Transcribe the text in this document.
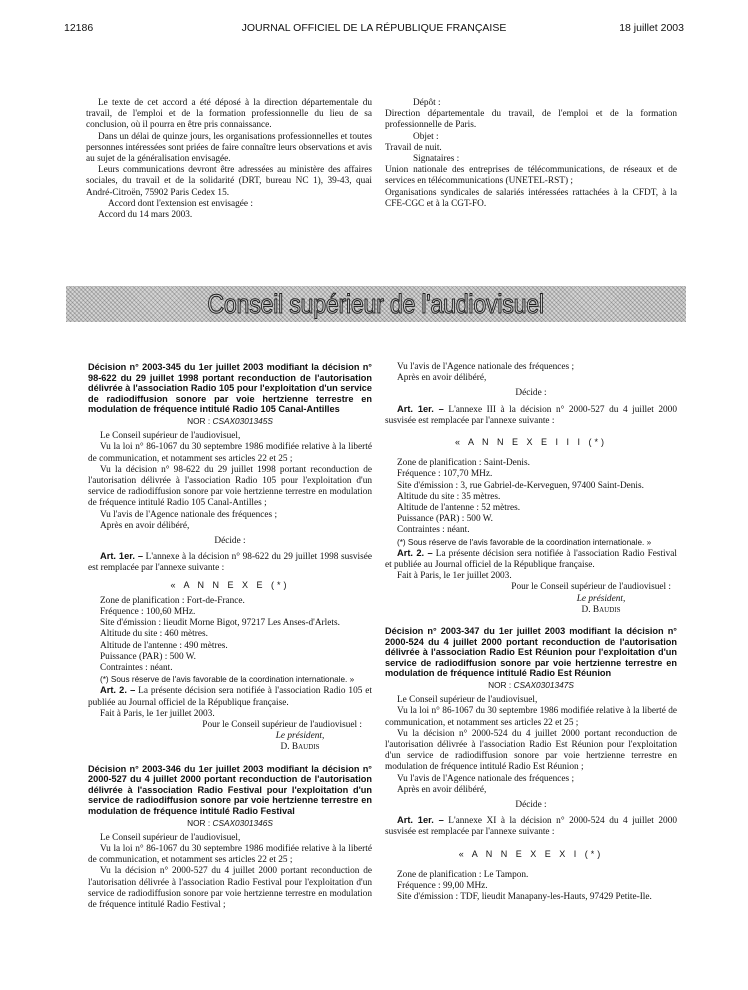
12186	JOURNAL OFFICIEL DE LA RÉPUBLIQUE FRANÇAISE	18 juillet 2003

Le texte de cet accord a été déposé à la direction départementale du travail, de l'emploi et de la formation professionnelle du lieu de sa conclusion, où il pourra en être pris connaissance.

Dans un délai de quinze jours, les organisations professionnelles et toutes personnes intéressées sont priées de faire connaître leurs observations et avis au sujet de la généralisation envisagée.

Leurs communications devront être adressées au ministère des affaires sociales, du travail et de la solidarité (DRT, bureau NC 1), 39-43, quai André-Citroën, 75902 Paris Cedex 15.

Accord dont l'extension est envisagée :

Accord du 14 mars 2003.

Dépôt :

Direction départementale du travail, de l'emploi et de la formation professionnelle de Paris.

Objet :

Travail de nuit.

Signataires :

Union nationale des entreprises de télécommunications, de réseaux et de services en télécommunications (UNETEL-RST) ;

Organisations syndicales de salariés intéressées rattachées à la CFDT, à la CFE-CGC et à la CGT-FO.

Conseil supérieur de l'audiovisuel

Décision n° 2003-345 du 1er juillet 2003 modifiant la décision n° 98-622 du 29 juillet 1998 portant reconduction de l'autorisation délivrée à l'association Radio 105 pour l'exploitation d'un service de radiodiffusion sonore par voie hertzienne terrestre en modulation de fréquence intitulé Radio 105 Canal-Antilles

NOR : CSAX0301345S

Le Conseil supérieur de l'audiovisuel,

Vu la loi n° 86-1067 du 30 septembre 1986 modifiée relative à la liberté de communication, et notamment ses articles 22 et 25 ;

Vu la décision n° 98-622 du 29 juillet 1998 portant reconduction de l'autorisation délivrée à l'association Radio 105 pour l'exploitation d'un service de radiodiffusion sonore par voie hertzienne terrestre en modulation de fréquence intitulé Radio 105 Canal-Antilles ;

Vu l'avis de l'Agence nationale des fréquences ;

Après en avoir délibéré,

Décide :

Art. 1er. – L'annexe à la décision n° 98-622 du 29 juillet 1998 susvisée est remplacée par l'annexe suivante :

« A N N E X E (*)

Zone de planification : Fort-de-France.

Fréquence : 100,60 MHz.

Site d'émission : lieudit Morne Bigot, 97217 Les Anses-d'Arlets.

Altitude du site : 460 mètres.

Altitude de l'antenne : 490 mètres.

Puissance (PAR) : 500 W.

Contraintes : néant.

(*) Sous réserve de l'avis favorable de la coordination internationale. »

Art. 2. – La présente décision sera notifiée à l'association Radio 105 et publiée au Journal officiel de la République française.

Fait à Paris, le 1er juillet 2003.

Pour le Conseil supérieur de l'audiovisuel :

Le président,

D. Baudis

Décision n° 2003-346 du 1er juillet 2003 modifiant la décision n° 2000-527 du 4 juillet 2000 portant reconduction de l'autorisation délivrée à l'association Radio Festival pour l'exploitation d'un service de radiodiffusion sonore par voie hertzienne terrestre en modulation de fréquence intitulé Radio Festival

NOR : CSAX0301346S

Le Conseil supérieur de l'audiovisuel,

Vu la loi n° 86-1067 du 30 septembre 1986 modifiée relative à la liberté de communication, et notamment ses articles 22 et 25 ;

Vu la décision n° 2000-527 du 4 juillet 2000 portant reconduction de l'autorisation délivrée à l'association Radio Festival pour l'exploitation d'un service de radiodiffusion sonore par voie hertzienne terrestre en modulation de fréquence intitulé Radio Festival ;

Vu l'avis de l'Agence nationale des fréquences ;

Après en avoir délibéré,

Décide :

Art. 1er. – L'annexe III à la décision n° 2000-527 du 4 juillet 2000 susvisée est remplacée par l'annexe suivante :

« A N N E X E I I I (*)

Zone de planification : Saint-Denis.

Fréquence : 107,70 MHz.

Site d'émission : 3, rue Gabriel-de-Kerveguen, 97400 Saint-Denis.

Altitude du site : 35 mètres.

Altitude de l'antenne : 52 mètres.

Puissance (PAR) : 500 W.

Contraintes : néant.

(*) Sous réserve de l'avis favorable de la coordination internationale. »

Art. 2. – La présente décision sera notifiée à l'association Radio Festival et publiée au Journal officiel de la République française.

Fait à Paris, le 1er juillet 2003.

Pour le Conseil supérieur de l'audiovisuel :

Le président,

D. Baudis

Décision n° 2003-347 du 1er juillet 2003 modifiant la décision n° 2000-524 du 4 juillet 2000 portant reconduction de l'autorisation délivrée à l'association Radio Est Réunion pour l'exploitation d'un service de radiodiffusion sonore par voie hertzienne terrestre en modulation de fréquence intitulé Radio Est Réunion

NOR : CSAX0301347S

Le Conseil supérieur de l'audiovisuel,

Vu la loi n° 86-1067 du 30 septembre 1986 modifiée relative à la liberté de communication, et notamment ses articles 22 et 25 ;

Vu la décision n° 2000-524 du 4 juillet 2000 portant reconduction de l'autorisation délivrée à l'association Radio Est Réunion pour l'exploitation d'un service de radiodiffusion sonore par voie hertzienne terrestre en modulation de fréquence intitulé Radio Est Réunion ;

Vu l'avis de l'Agence nationale des fréquences ;

Après en avoir délibéré,

Décide :

Art. 1er. – L'annexe XI à la décision n° 2000-524 du 4 juillet 2000 susvisée est remplacée par l'annexe suivante :

« A N N E X E X I (*)

Zone de planification : Le Tampon.

Fréquence : 99,00 MHz.

Site d'émission : TDF, lieudit Manapany-les-Hauts, 97429 Petite-Ile.
